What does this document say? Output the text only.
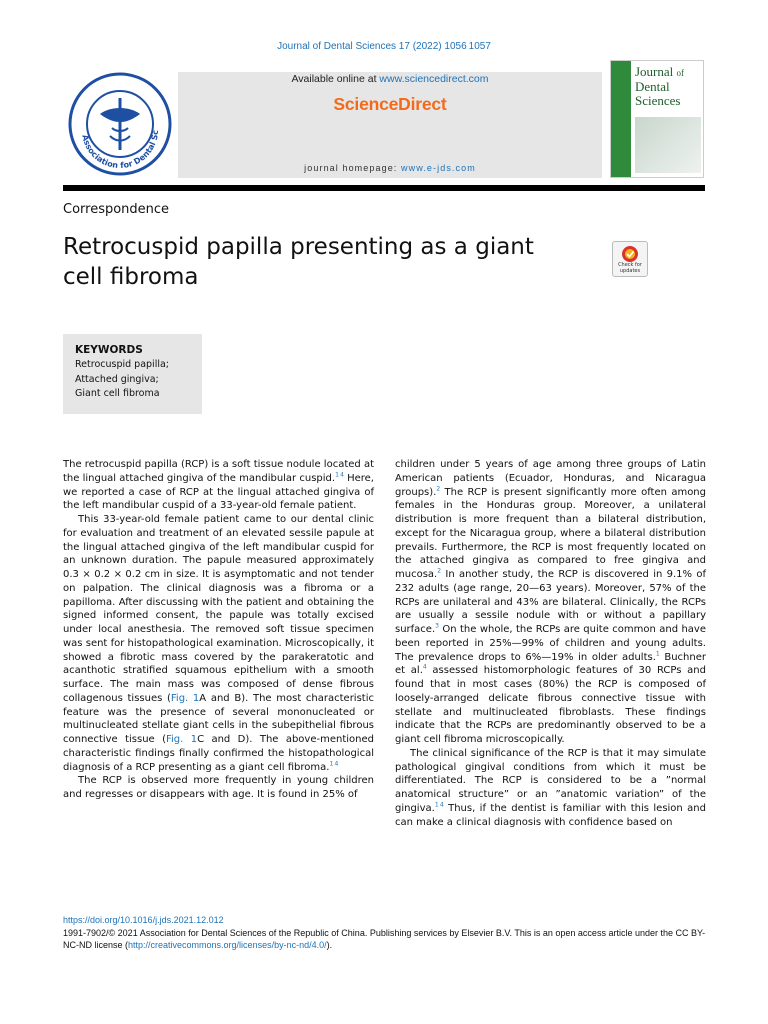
Journal of Dental Sciences 17 (2022) 1056 1057
Association for Dental Sc
Available online at www.sciencedirect.com
ScienceDirect
journal homepage: www.e-jds.com
Journal of
Dental
Sciences
Correspondence
Retrocuspid papilla presenting as a giant
cell fibroma	Check for updates
KEYWORDS
Retrocuspid papilla;
Attached gingiva;
Giant cell fibroma

The retrocuspid papilla (RCP) is a soft tissue nodule located at the lingual attached gingiva of the mandibular cuspid.$^{1 4}$ Here, we reported a case of RCP at the lingual attached gingiva of the left mandibular cuspid of a 33-year-old female patient.

This 33-year-old female patient came to our dental clinic for evaluation and treatment of an elevated sessile papule at the lingual attached gingiva of the left mandibular cuspid for an unknown duration. The papule measured approximately 0.3 × 0.2 × 0.2 cm in size. It is asymptomatic and not tender on palpation. The clinical diagnosis was a fibroma or a papilloma. After discussing with the patient and obtaining the signed informed consent, the papule was totally excised under local anesthesia. The removed soft tissue specimen was sent for histopathological examination. Microscopically, it showed a fibrotic mass covered by the parakeratotic and acanthotic stratified squamous epithelium with a smooth surface. The main mass was composed of dense fibrous collagenous tissues (Fig. 1A and B). The most characteristic feature was the presence of several mononucleated or multinucleated stellate giant cells in the subepithelial fibrous connective tissue (Fig. 1C and D). The above-mentioned characteristic findings finally confirmed the histopathological diagnosis of a RCP presenting as a giant cell fibroma.$^{1 4}$

The RCP is observed more frequently in young children and regresses or disappears with age. It is found in 25% of

children under 5 years of age among three groups of Latin American patients (Ecuador, Honduras, and Nicaragua groups).$^2$ The RCP is present significantly more often among females in the Honduras group. Moreover, a unilateral distribution is more frequent than a bilateral distribution, except for the Nicaragua group, where a bilateral distribution prevails. Furthermore, the RCP is most frequently located on the attached gingiva as compared to free gingiva and mucosa.$^2$ In another study, the RCP is discovered in 9.1% of 232 adults (age range, 20—63 years). Moreover, 57% of the RCPs are unilateral and 43% are bilateral. Clinically, the RCPs are usually a sessile nodule with or without a papillary surface.$^3$ On the whole, the RCPs are quite common and have been reported in 25%—99% of children and young adults. The prevalence drops to 6%—19% in older adults.$^1$ Buchner et al.$^4$ assessed histomorphologic features of 30 RCPs and found that in most cases (80%) the RCP is composed of loosely-arranged delicate fibrous connective tissue with stellate and multinucleated fibroblasts. These findings indicate that the RCPs are predominantly observed to be a giant cell fibroma microscopically.

The clinical significance of the RCP is that it may simulate pathological gingival conditions from which it must be differentiated. The RCP is considered to be a ”normal anatomical structure” or an ”anatomic variation” of the gingiva.$^{1 4}$ Thus, if the dentist is familiar with this lesion and can make a clinical diagnosis with confidence based on

https://doi.org/10.1016/j.jds.2021.12.012
1991-7902/© 2021 Association for Dental Sciences of the Republic of China. Publishing services by Elsevier B.V. This is an open access article under the CC BY-NC-ND license (http://creativecommons.org/licenses/by-nc-nd/4.0/).
